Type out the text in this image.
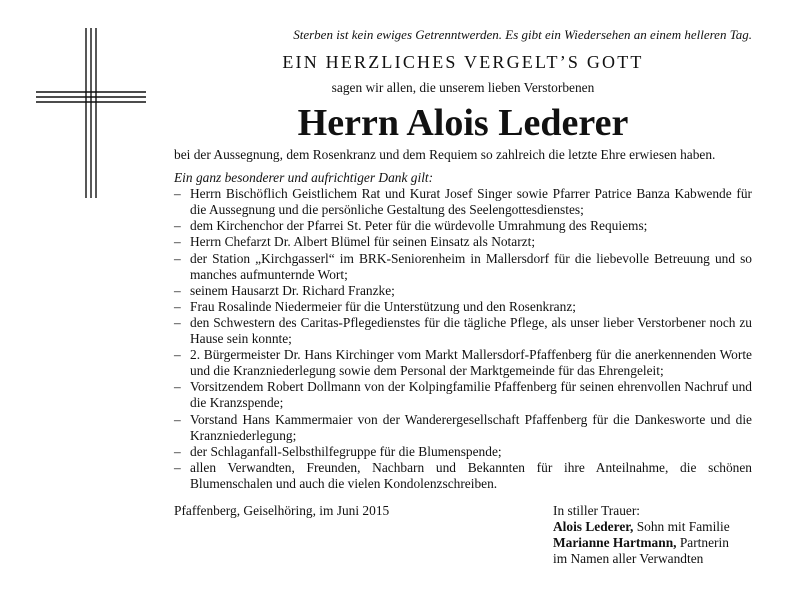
Sterben ist kein ewiges Getrenntwerden. Es gibt ein Wiedersehen an einem helleren Tag.
EIN HERZLICHES VERGELT’S GOTT
sagen wir allen, die unserem lieben Verstorbenen
Herrn Alois Lederer

bei der Aussegnung, dem Rosenkranz und dem Requiem so zahlreich die letzte Ehre erwiesen haben.

Ein ganz besonderer und aufrichtiger Dank gilt:

– Herrn Bischöflich Geistlichem Rat und Kurat Josef Singer sowie Pfarrer Patrice Banza Kabwende für die Aussegnung und die persönliche Gestaltung des Seelengottesdienstes;
– dem Kirchenchor der Pfarrei St. Peter für die würdevolle Umrahmung des Requiems;
– Herrn Chefarzt Dr. Albert Blümel für seinen Einsatz als Notarzt;
– der Station „Kirchgasserl“ im BRK-Seniorenheim in Mallersdorf für die liebevolle Betreuung und so manches aufmunternde Wort;
– seinem Hausarzt Dr. Richard Franzke;
– Frau Rosalinde Niedermeier für die Unterstützung und den Rosenkranz;
– den Schwestern des Caritas-Pflegedienstes für die tägliche Pflege, als unser lieber Verstorbener noch zu Hause sein konnte;
– 2. Bürgermeister Dr. Hans Kirchinger vom Markt Mallersdorf-Pfaffenberg für die anerkennenden Worte und die Kranzniederlegung sowie dem Personal der Marktgemeinde für das Ehrengeleit;
– Vorsitzendem Robert Dollmann von der Kolpingfamilie Pfaffenberg für seinen ehrenvollen Nachruf und die Kranzspende;
– Vorstand Hans Kammermaier von der Wanderergesellschaft Pfaffenberg für die Dankesworte und die Kranzniederlegung;
– der Schlaganfall-Selbsthilfegruppe für die Blumenspende;
– allen Verwandten, Freunden, Nachbarn und Bekannten für ihre Anteilnahme, die schönen Blumenschalen und auch die vielen Kondolenzschreiben.
Pfaffenberg, Geiselhöring, im Juni 2015	In stiller Trauer:
Alois Lederer, Sohn mit Familie
Marianne Hartmann, Partnerin
im Namen aller Verwandten
